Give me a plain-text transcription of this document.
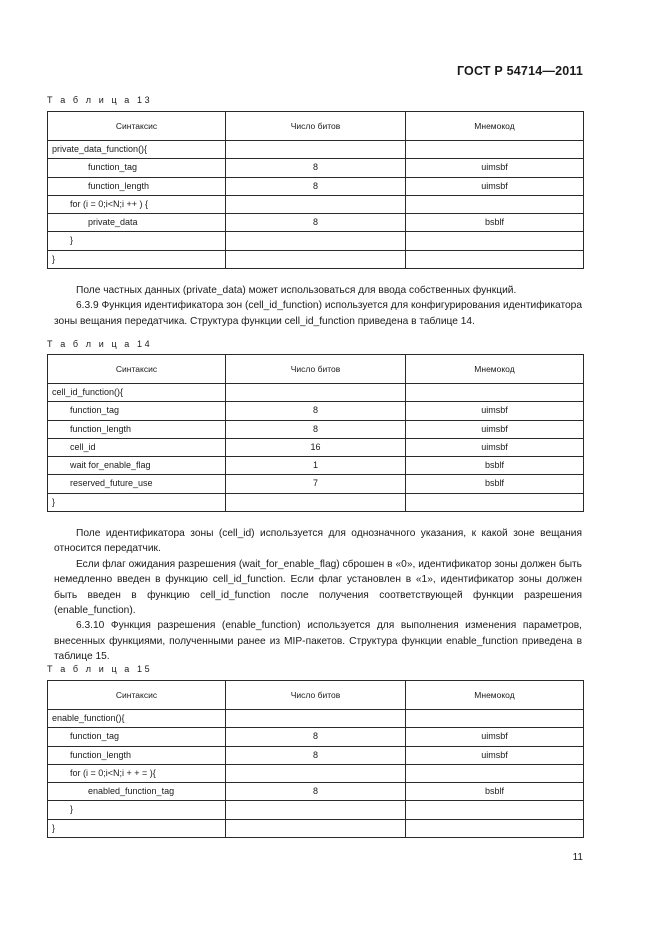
ГОСТ Р 54714—2011
Т а б л и ц а 13
Синтаксис	Число битов	Мнемокод
private_data_function(){		
function_tag	8	uimsbf
function_length	8	uimsbf
for (i = 0;i<N;i ++ ) {		
private_data	8	bsblf
}		
}		

Поле частных данных (private_data) может использоваться для ввода собственных функций.

6.3.9 Функция идентификатора зон (cell_id_function) используется для конфигурирования идентификатора зоны вещания передатчика. Структура функции cell_id_function приведена в таблице 14.

Т а б л и ц а 14
Синтаксис	Число битов	Мнемокод
cell_id_function(){		
function_tag	8	uimsbf
function_length	8	uimsbf
cell_id	16	uimsbf
wait for_enable_flag	1	bsblf
reserved_future_use	7	bsblf
}		

Поле идентификатора зоны (cell_id) используется для однозначного указания, к какой зоне вещания относится передатчик.

Если флаг ожидания разрешения (wait_for_enable_flag) сброшен в «0», идентификатор зоны должен быть немедленно введен в функцию cell_id_function. Если флаг установлен в «1», идентификатор зоны должен быть введен в функцию cell_id_function после получения соответствующей функции разрешения (enable_function).

6.3.10 Функция разрешения (enable_function) используется для выполнения изменения параметров, внесенных функциями, полученными ранее из MIP-пакетов. Структура функции enable_function приведена в таблице 15.

Т а б л и ц а 15
Синтаксис	Число битов	Мнемокод
enable_function(){		
function_tag	8	uimsbf
function_length	8	uimsbf
for (i = 0;i<N;i + + = ){		
enabled_function_tag	8	bsblf
}		
}		
11
